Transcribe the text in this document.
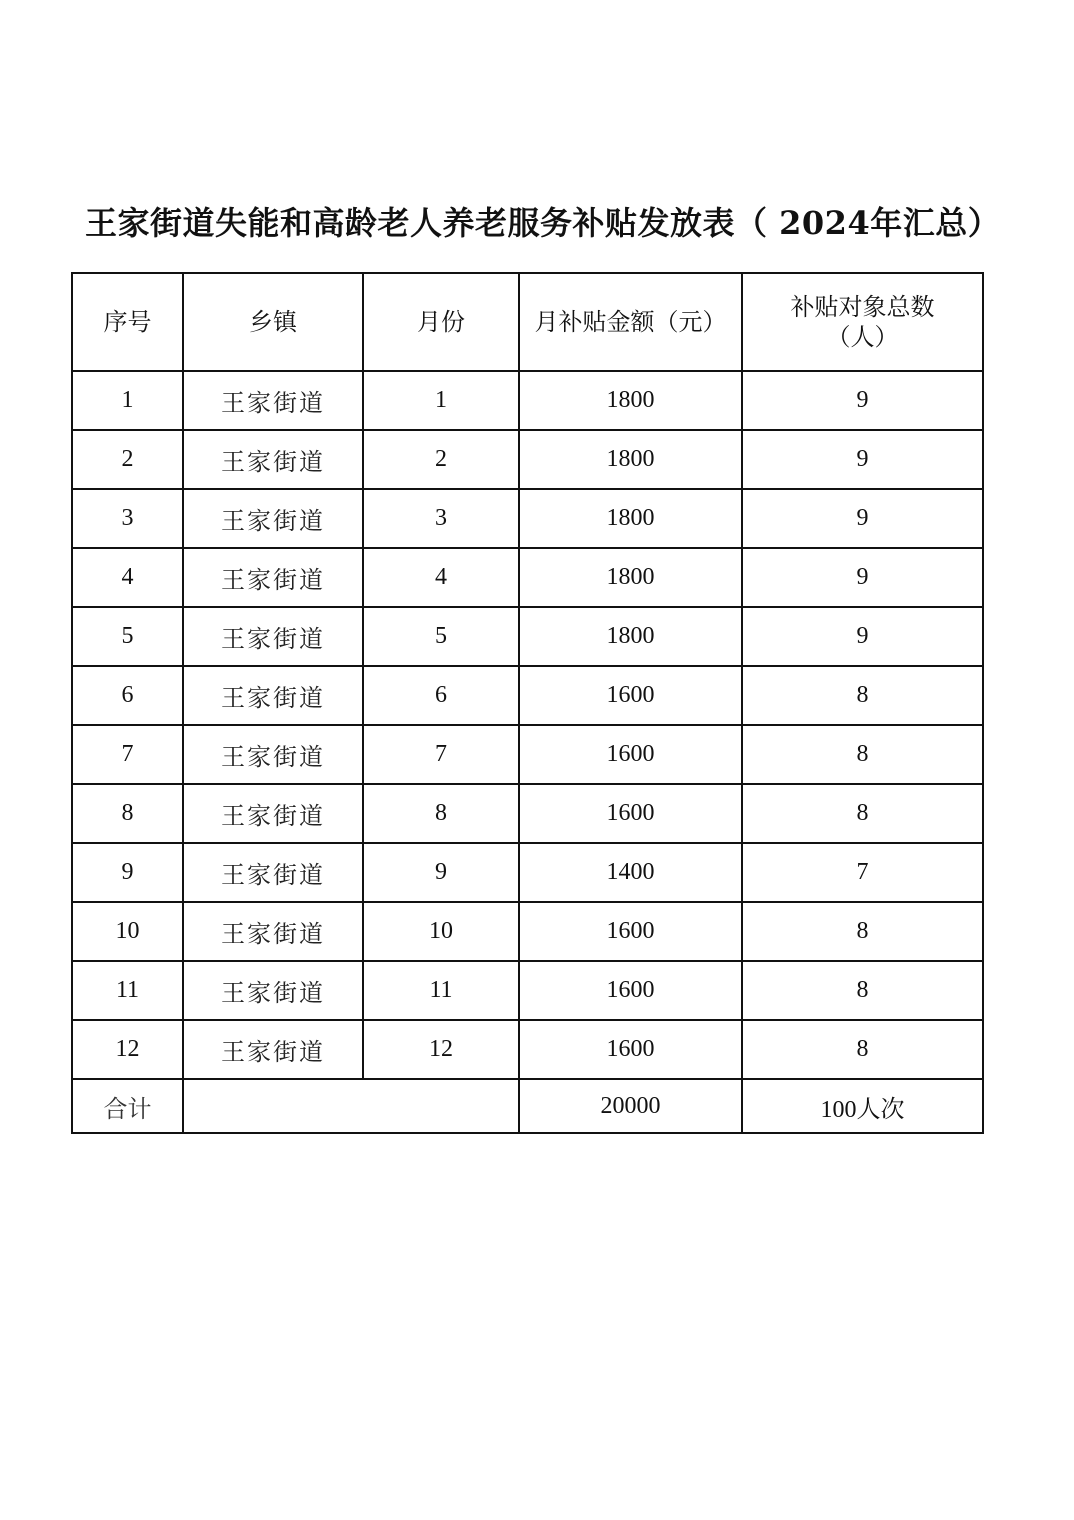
王家街道失能和高龄老人养老服务补贴发放表（ 2024年汇总）
序号	乡镇	月份	月补贴金额（元）	补贴对象总数
（人）

1	王家街道	1	1800	9
2	王家街道	2	1800	9
3	王家街道	3	1800	9
4	王家街道	4	1800	9
5	王家街道	5	1800	9
6	王家街道	6	1600	8
7	王家街道	7	1600	8
8	王家街道	8	1600	8
9	王家街道	9	1400	7
10	王家街道	10	1600	8
11	王家街道	11	1600	8
12	王家街道	12	1600	8
合计			20000	100人次
